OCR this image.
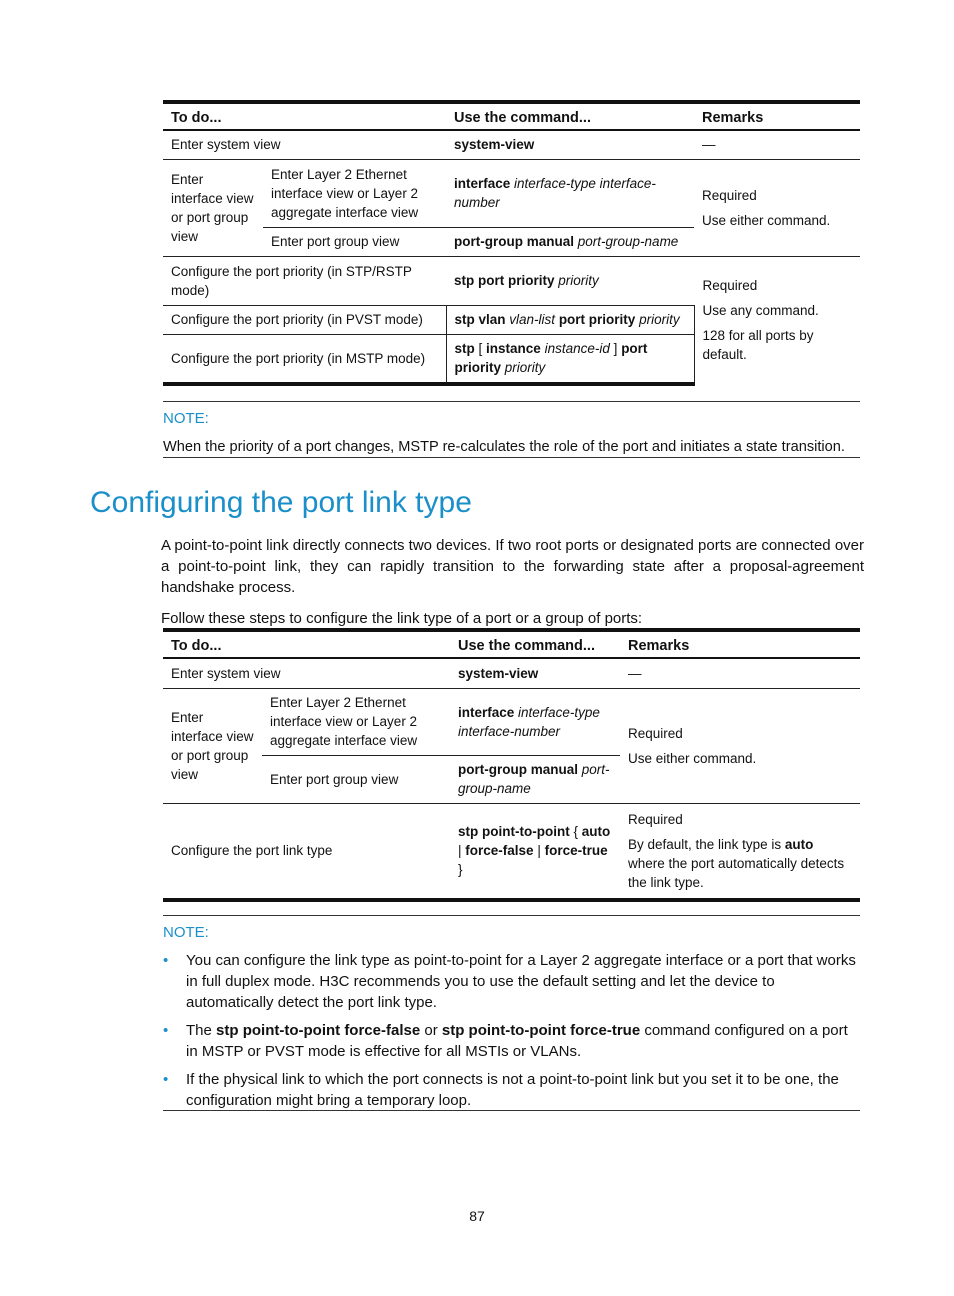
To do...		Use the command...	Remarks
Enter system view		system-view	—
Enter interface view or port group view	Enter Layer 2 Ethernet interface view or Layer 2 aggregate interface view	interface interface-type interface-number	Required
Use either command.

	Enter port group view	port-group manual port-group-name	
Configure the port priority (in STP/RSTP mode)		stp port priority priority	Required
Use any command.
128 for all ports by default.

Configure the port priority (in PVST mode)		stp vlan vlan-list port priority priority	
Configure the port priority (in MSTP mode)		stp [ instance instance-id ] port priority priority	
NOTE:
When the priority of a port changes, MSTP re-calculates the role of the port and initiates a state transition.
Configuring the port link type

A point-to-point link directly connects two devices. If two root ports or designated ports are connected over a point-to-point link, they can rapidly transition to the forwarding state after a proposal-agreement handshake process.

Follow these steps to configure the link type of a port or a group of ports:

To do...		Use the command...	Remarks
Enter system view		system-view	—
Enter interface view or port group view	Enter Layer 2 Ethernet interface view or Layer 2 aggregate interface view	interface interface-type interface-number	Required
Use either command.

	Enter port group view	port-group manual port-group-name	
Configure the port link type		stp point-to-point { auto | force-false | force-true }	Required
By default, the link type is auto where the port automatically detects the link type.
NOTE:
• You can configure the link type as point-to-point for a Layer 2 aggregate interface or a port that works in full duplex mode. H3C recommends you to use the default setting and let the device to automatically detect the port link type.
• The stp point-to-point force-false or stp point-to-point force-true command configured on a port in MSTP or PVST mode is effective for all MSTIs or VLANs.
• If the physical link to which the port connects is not a point-to-point link but you set it to be one, the configuration might bring a temporary loop.
87
